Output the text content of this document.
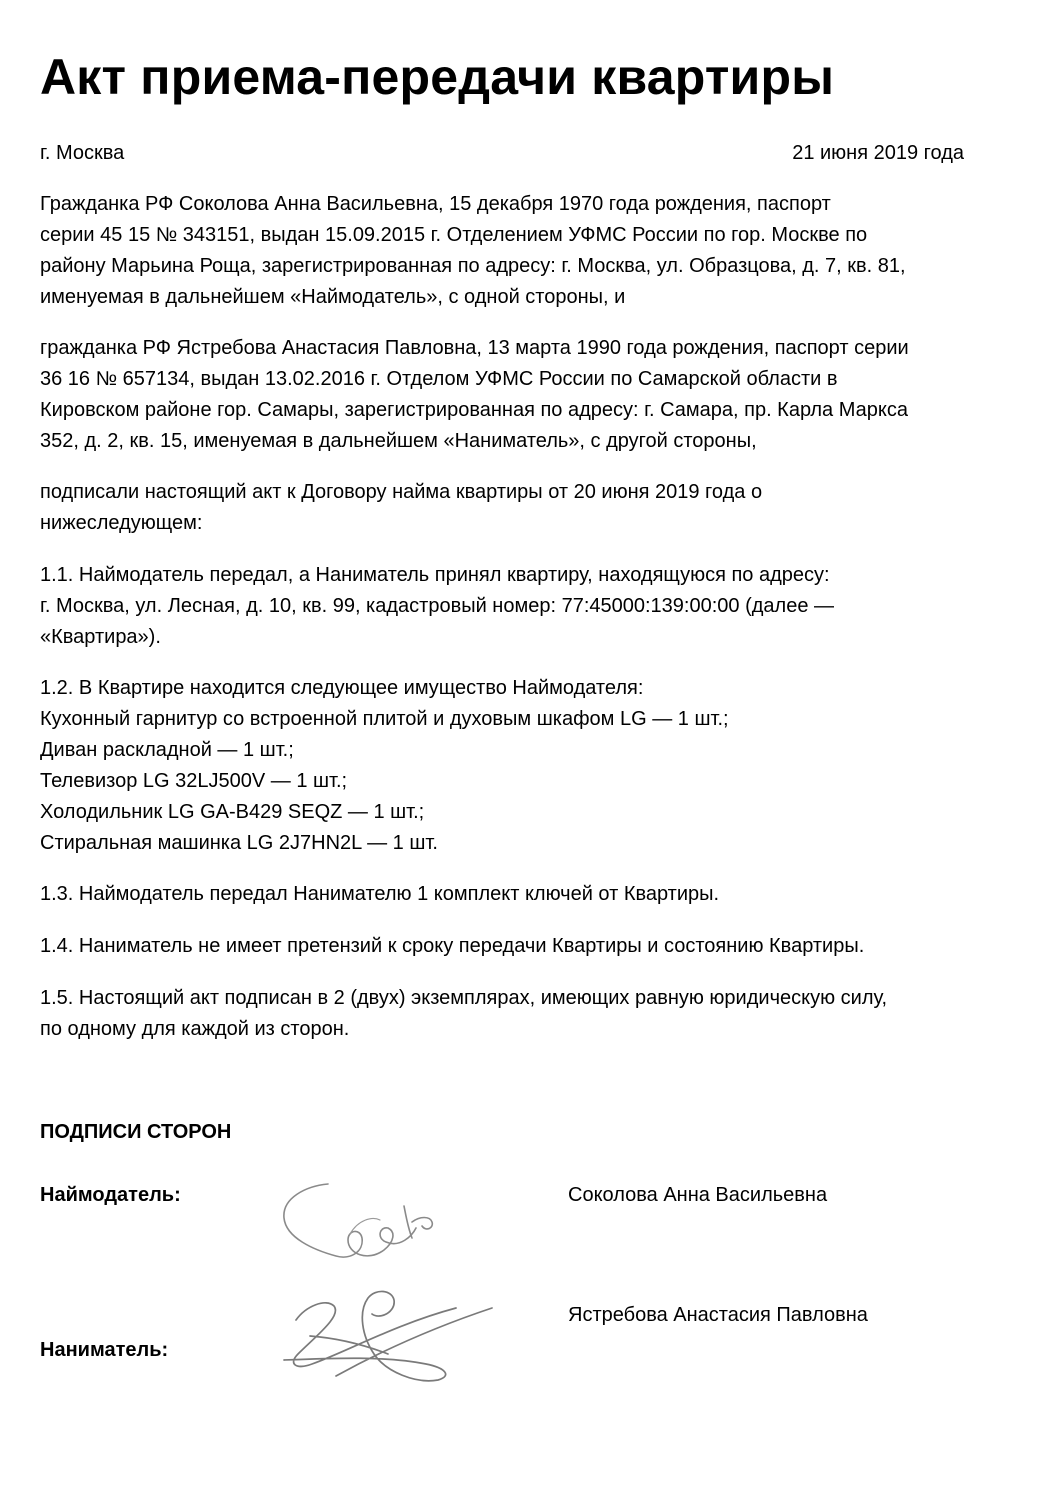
Акт приема-передачи квартиры
г. Москва	21 июня 2019 года
Гражданка РФ Соколова Анна Васильевна, 15 декабря 1970 года рождения, паспорт
серии 45 15 № 343151, выдан 15.09.2015 г. Отделением УФМС России по гор. Москве по
району Марьина Роща, зарегистрированная по адресу: г. Москва, ул. Образцова, д. 7, кв. 81,
именуемая в дальнейшем «Наймодатель», с одной стороны, и
гражданка РФ Ястребова Анастасия Павловна, 13 марта 1990 года рождения, паспорт серии
36 16 № 657134, выдан 13.02.2016 г. Отделом УФМС России по Самарской области в
Кировском районе гор. Самары, зарегистрированная по адресу: г. Самара, пр. Карла Маркса
352, д. 2, кв. 15, именуемая в дальнейшем «Наниматель», с другой стороны,
подписали настоящий акт к Договору найма квартиры от 20 июня 2019 года о
нижеследующем:
1.1. Наймодатель передал, а Наниматель принял квартиру, находящуюся по адресу:
г. Москва, ул. Лесная, д. 10, кв. 99, кадастровый номер: 77:45000:139:00:00 (далее —
«Квартира»).
1.2. В Квартире находится следующее имущество Наймодателя:
Кухонный гарнитур со встроенной плитой и духовым шкафом LG — 1 шт.;
Диван раскладной — 1 шт.;
Телевизор LG 32LJ500V — 1 шт.;
Холодильник LG GA-B429 SEQZ — 1 шт.;
Стиральная машинка LG 2J7HN2L — 1 шт.
1.3. Наймодатель передал Нанимателю 1 комплект ключей от Квартиры.
1.4. Наниматель не имеет претензий к сроку передачи Квартиры и состоянию Квартиры.
1.5. Настоящий акт подписан в 2 (двух) экземплярах, имеющих равную юридическую силу,
по одному для каждой из сторон.
ПОДПИСИ СТОРОН
Наймодатель:	Соколова Анна Васильевна
Ястребова Анастасия Павловна
Наниматель:
